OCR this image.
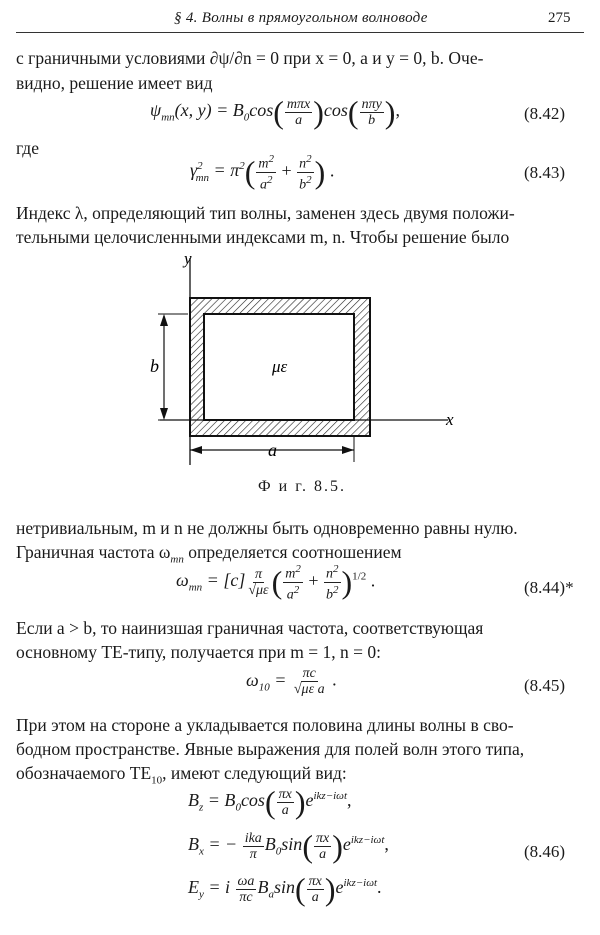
§ 4. Волны в прямоугольном волноводе	275
с граничными условиями ∂ψ/∂n = 0 при x = 0, a и y = 0, b. Оче-
видно, решение имеет вид
$\psi_{mn}(x$, $y) = B_0\cos( \frac{\text{mπx}}{a} )\cos( \frac{\text{nπy}}{b}$ ),	(8.42)
где
$\gamma^2_{mn} = \pi^2( \frac{m^2}{a^2} + \frac{n^2}{b^2}$ ) .	(8.43)
Индекс λ, определяющий тип волны, заменен здесь двумя положи-
тельными целочисленными индексами m, n. Чтобы решение было
y
x
b
a
με
Ф и г. 8.5.
нетривиальным, m и n не должны быть одновременно равны нулю.
Граничная частота $\omega_{mn}$ определяется соотношением
$\omega_{mn} = [c] \frac{\pi}{√\mu\varepsilon}$ ( $\frac{m^2}{a^2} + \frac{n^2}{b^2} )^{1/2}$ .	(8.44)*
Если a > b, то наинизшая граничная частота, соответствующая
основному TE-типу, получается при m = 1, n = 0:
$\omega_{10} = \frac{\pi c}{\text{√με a}}$ .	(8.45)
При этом на стороне a укладывается половина длины волны в сво-
бодном пространстве. Явные выражения для полей волн этого типа,
обозначаемого $TE_{10}$, имеют следующий вид:
$B_z = B_0\cos( \frac{\pi x}{a} )e^{ikz-i\omega t}$,
$B_x$ = − $\frac{\text{ika}}{\pi} B_0\sin( \frac{\pi x}{a} )e^{ikz-i\omega t}$,	(8.46)
$E_y = i \frac{\omega a}{\pi c} B_a\sin( \frac{\pi x}{a} )e^{ikz-i\omega t}$.
